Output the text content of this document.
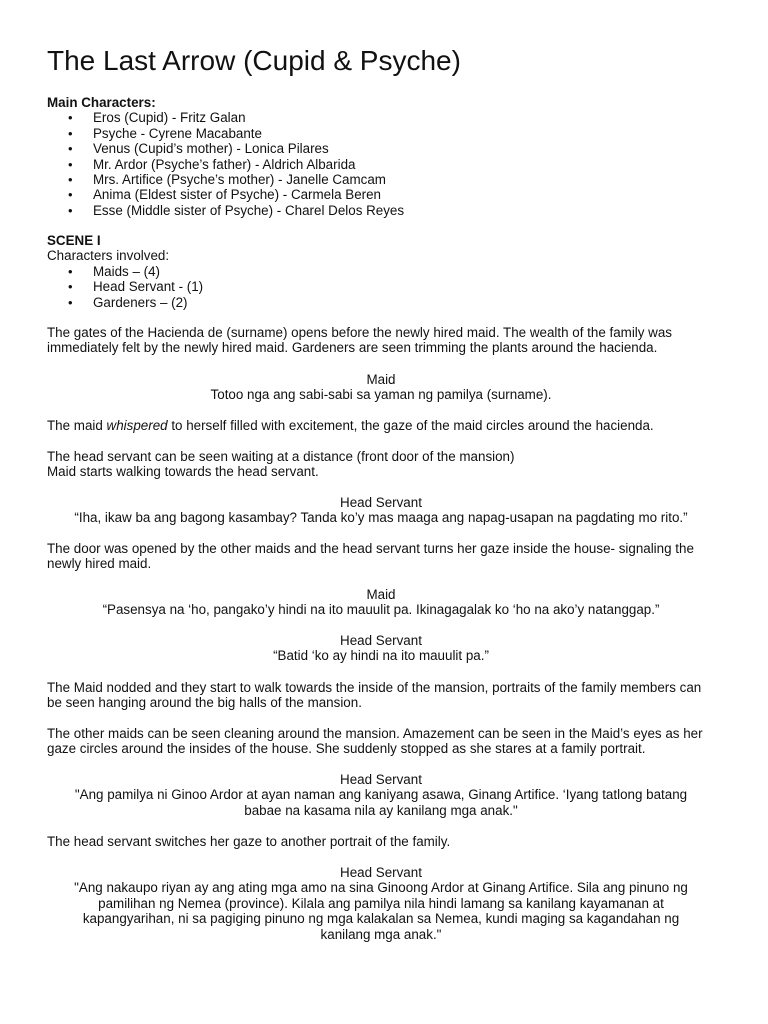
The Last Arrow (Cupid & Psyche)
Main Characters:
• Eros (Cupid) - Fritz Galan
• Psyche - Cyrene Macabante
• Venus (Cupid’s mother) - Lonica Pilares
• Mr. Ardor (Psyche’s father) - Aldrich Albarida
• Mrs. Artifice (Psyche’s mother) - Janelle Camcam
• Anima (Eldest sister of Psyche) - Carmela Beren
• Esse (Middle sister of Psyche) - Charel Delos Reyes
SCENE I
Characters involved:
• Maids – (4)
• Head Servant - (1)
• Gardeners – (2)

The gates of the Hacienda de (surname) opens before the newly hired maid. The wealth of the family was immediately felt by the newly hired maid. Gardeners are seen trimming the plants around the hacienda.

Maid
Totoo nga ang sabi-sabi sa yaman ng pamilya (surname).

The maid whispered to herself filled with excitement, the gaze of the maid circles around the hacienda.

The head servant can be seen waiting at a distance (front door of the mansion)
Maid starts walking towards the head servant.
Head Servant
“Iha, ikaw ba ang bagong kasambay? Tanda ko’y mas maaga ang napag-usapan na pagdating mo rito.”

The door was opened by the other maids and the head servant turns her gaze inside the house- signaling the newly hired maid.

Maid
“Pasensya na ‘ho, pangako’y hindi na ito mauulit pa. Ikinagagalak ko ‘ho na ako’y natanggap.”
Head Servant
“Batid ‘ko ay hindi na ito mauulit pa.”

The Maid nodded and they start to walk towards the inside of the mansion, portraits of the family members can be seen hanging around the big halls of the mansion.

The other maids can be seen cleaning around the mansion. Amazement can be seen in the Maid’s eyes as her gaze circles around the insides of the house. She suddenly stopped as she stares at a family portrait.

Head Servant
"Ang pamilya ni Ginoo Ardor at ayan naman ang kaniyang asawa, Ginang Artifice. ‘Iyang tatlong batang babae na kasama nila ay kanilang mga anak."

The head servant switches her gaze to another portrait of the family.

Head Servant
"Ang nakaupo riyan ay ang ating mga amo na sina Ginoong Ardor at Ginang Artifice. Sila ang pinuno ng pamilihan ng Nemea (province). Kilala ang pamilya nila hindi lamang sa kanilang kayamanan at kapangyarihan, ni sa pagiging pinuno ng mga kalakalan sa Nemea, kundi maging sa kagandahan ng kanilang mga anak."
